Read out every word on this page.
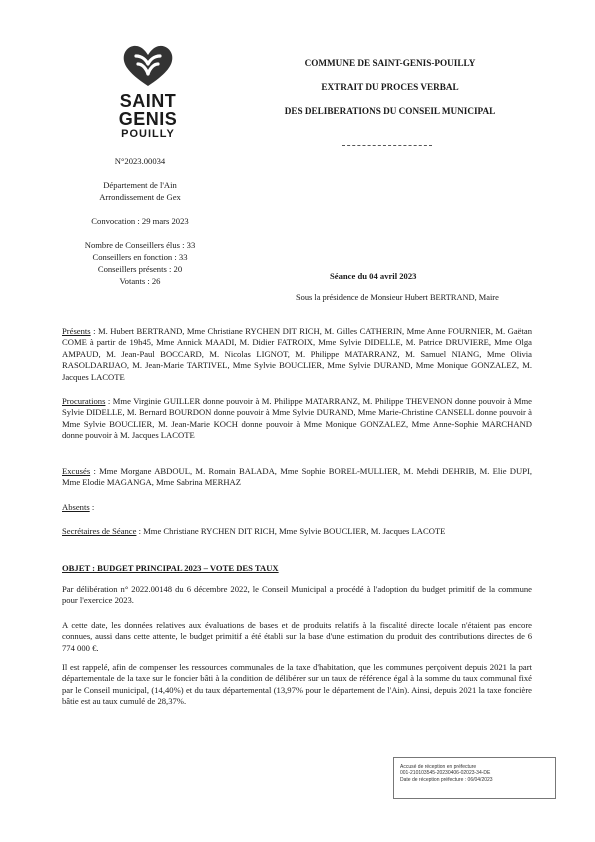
SAINT
GENIS
POUILLY
COMMUNE DE SAINT-GENIS-POUILLY
EXTRAIT DU PROCES VERBAL
DES DELIBERATIONS DU CONSEIL MUNICIPAL
N°2023.00034
Département de l'Ain
Arrondissement de Gex
Convocation : 29 mars 2023
Nombre de Conseillers élus : 33
Conseillers en fonction : 33
Conseillers présents : 20
Votants : 26	Séance du 04 avril 2023
Sous la présidence de Monsieur Hubert BERTRAND, Maire
Présents : M. Hubert BERTRAND, Mme Christiane RYCHEN DIT RICH, M. Gilles CATHERIN, Mme Anne FOURNIER, M. Gaëtan COME à partir de 19h45, Mme Annick MAADI, M. Didier FATROIX, Mme Sylvie DIDELLE, M. Patrice DRUVIERE, Mme Olga AMPAUD, M. Jean-Paul BOCCARD, M. Nicolas LIGNOT, M. Philippe MATARRANZ, M. Samuel NIANG, Mme Olivia RASOLDARIJAO, M. Jean-Marie TARTIVEL, Mme Sylvie BOUCLIER, Mme Sylvie DURAND, Mme Monique GONZALEZ, M. Jacques LACOTE
Procurations : Mme Virginie GUILLER donne pouvoir à M. Philippe MATARRANZ, M. Philippe THEVENON donne pouvoir à Mme Sylvie DIDELLE, M. Bernard BOURDON donne pouvoir à Mme Sylvie DURAND, Mme Marie-Christine CANSELL donne pouvoir à Mme Sylvie BOUCLIER, M. Jean-Marie KOCH donne pouvoir à Mme Monique GONZALEZ, Mme Anne-Sophie MARCHAND donne pouvoir à M. Jacques LACOTE
Excusés : Mme Morgane ABDOUL, M. Romain BALADA, Mme Sophie BOREL-MULLIER, M. Mehdi DEHRIB, M. Elie DUPI, Mme Elodie MAGANGA, Mme Sabrina MERHAZ
Absents :
Secrétaires de Séance : Mme Christiane RYCHEN DIT RICH, Mme Sylvie BOUCLIER, M. Jacques LACOTE
OBJET : BUDGET PRINCIPAL 2023 – VOTE DES TAUX
Par délibération n° 2022.00148 du 6 décembre 2022, le Conseil Municipal a procédé à l'adoption du budget primitif de la commune pour l'exercice 2023.
A cette date, les données relatives aux évaluations de bases et de produits relatifs à la fiscalité directe locale n'étaient pas encore connues, aussi dans cette attente, le budget primitif a été établi sur la base d'une estimation du produit des contributions directes de 6 774 000 €.
Il est rappelé, afin de compenser les ressources communales de la taxe d'habitation, que les communes perçoivent depuis 2021 la part départementale de la taxe sur le foncier bâti à la condition de délibérer sur un taux de référence égal à la somme du taux communal fixé par le Conseil municipal, (14,40%) et du taux départemental (13,97% pour le département de l'Ain). Ainsi, depuis 2021 la taxe foncière bâtie est au taux cumulé de 28,37%.
Accusé de réception en préfecture
001-210103545-20230406-02023-34-DE
Date de réception préfecture : 06/04/2023
